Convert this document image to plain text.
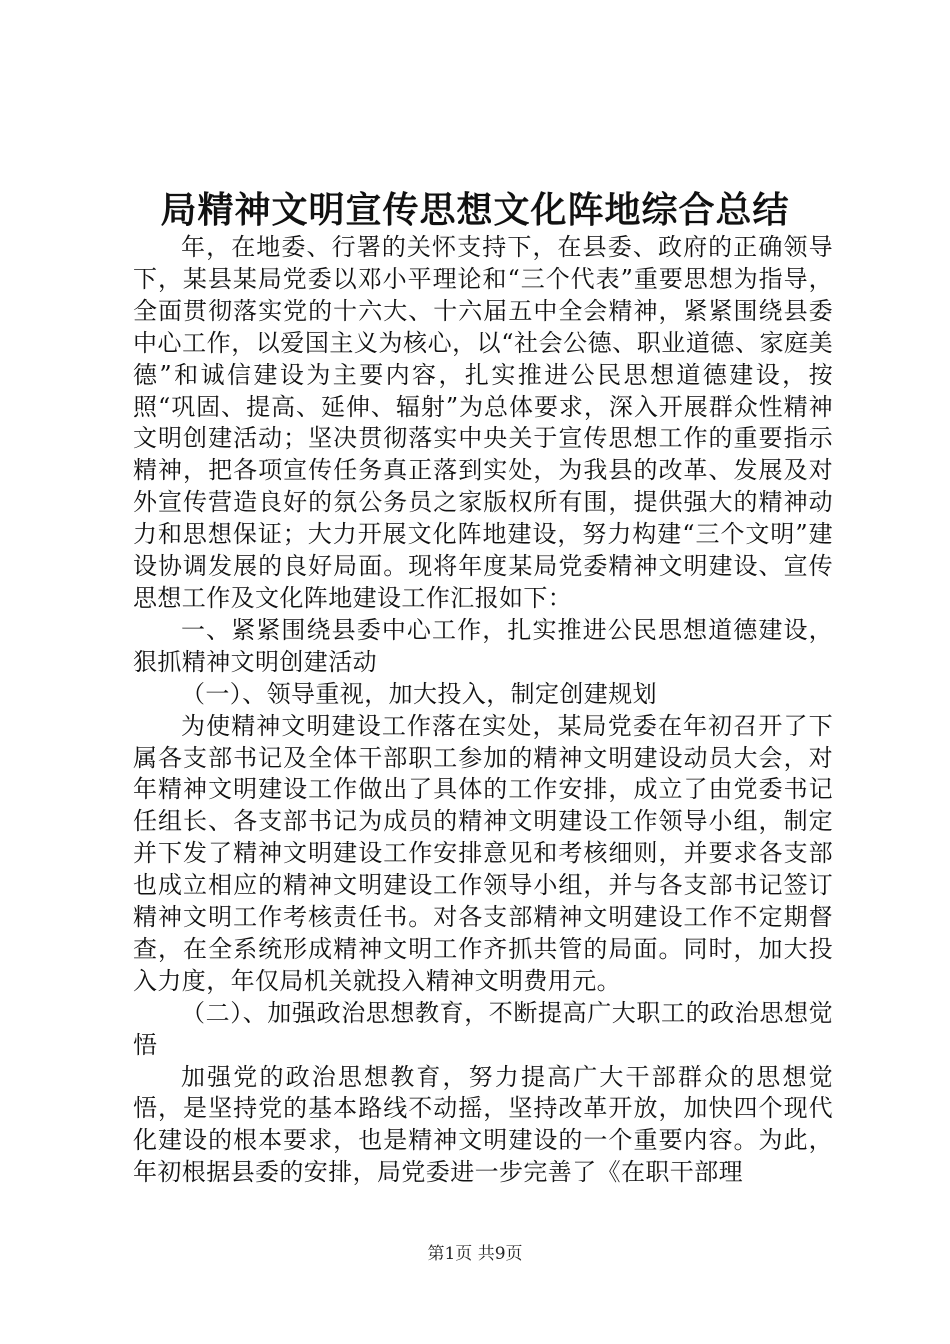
局精神文明宣传思想文化阵地综合总结

年，在地委、行署的关怀支持下，在县委、政府的正确领导下，某县某局党委以邓小平理论和“三个代表”重要思想为指导，全面贯彻落实党的十六大、十六届五中全会精神，紧紧围绕县委中心工作，以爱国主义为核心，以“社会公德、职业道德、家庭美德”和诚信建设为主要内容，扎实推进公民思想道德建设，按照“巩固、提高、延伸、辐射”为总体要求，深入开展群众性精神文明创建活动；坚决贯彻落实中央关于宣传思想工作的重要指示精神，把各项宣传任务真正落到实处，为我县的改革、发展及对外宣传营造良好的氛公务员之家版权所有围，提供强大的精神动力和思想保证；大力开展文化阵地建设，努力构建“三个文明”建设协调发展的良好局面。现将年度某局党委精神文明建设、宣传思想工作及文化阵地建设工作汇报如下：

一、紧紧围绕县委中心工作，扎实推进公民思想道德建设，狠抓精神文明创建活动

（一）、领导重视，加大投入，制定创建规划

为使精神文明建设工作落在实处，某局党委在年初召开了下属各支部书记及全体干部职工参加的精神文明建设动员大会，对年精神文明建设工作做出了具体的工作安排，成立了由党委书记任组长、各支部书记为成员的精神文明建设工作领导小组，制定并下发了精神文明建设工作安排意见和考核细则，并要求各支部也成立相应的精神文明建设工作领导小组，并与各支部书记签订精神文明工作考核责任书。对各支部精神文明建设工作不定期督查，在全系统形成精神文明工作齐抓共管的局面。同时，加大投入力度，年仅局机关就投入精神文明费用元。

（二）、加强政治思想教育，不断提高广大职工的政治思想觉悟

加强党的政治思想教育，努力提高广大干部群众的思想觉悟，是坚持党的基本路线不动摇，坚持改革开放，加快四个现代化建设的根本要求，也是精神文明建设的一个重要内容。为此，年初根据县委的安排，局党委进一步完善了《在职干部理

第1页 共9页
